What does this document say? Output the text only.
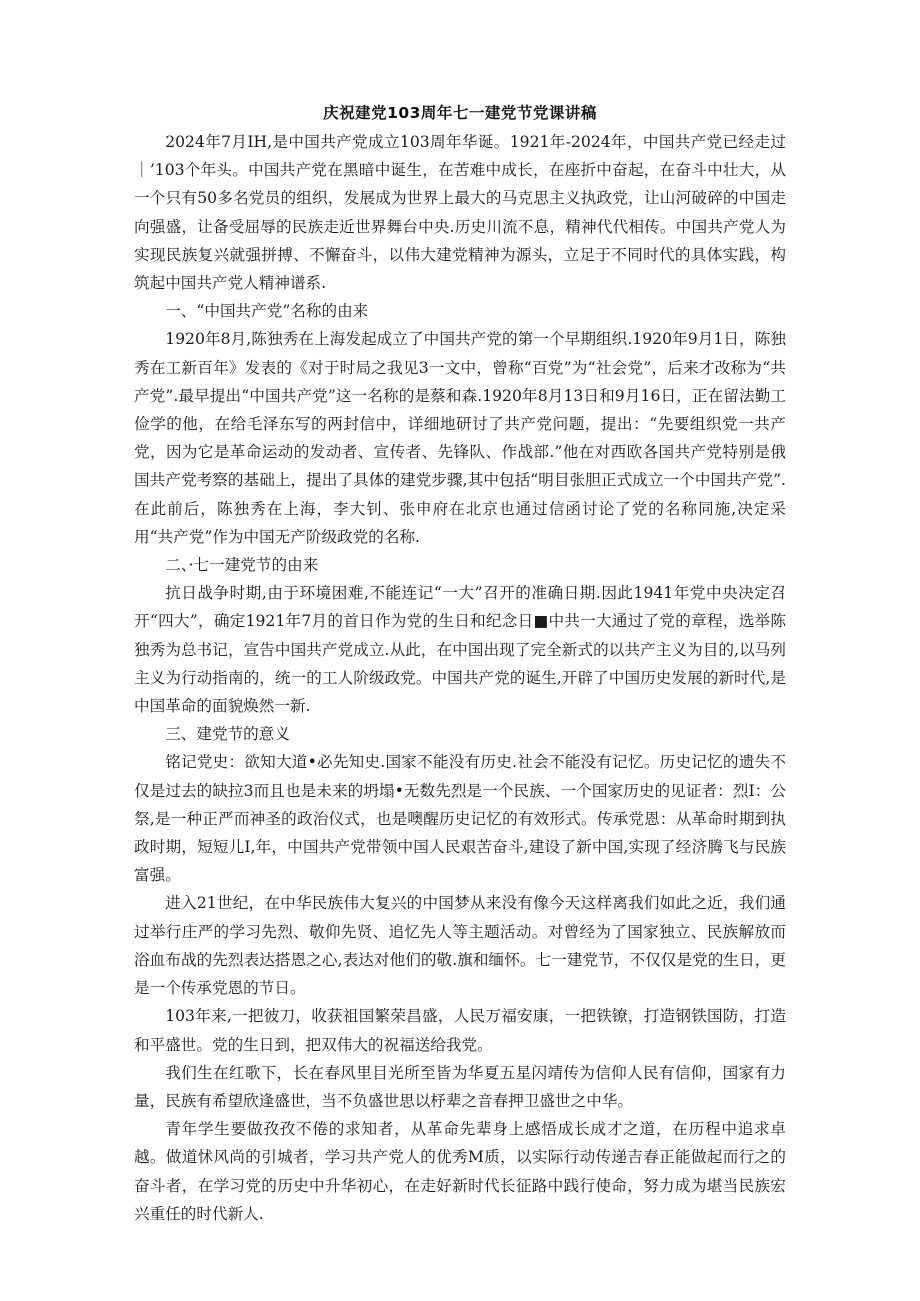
庆祝建党103周年七一建党节党课讲稿

2024年7月IH,是中国共产党成立103周年华诞。1921年-2024年，中国共产党已经走过｜’103个年头。中国共产党在黑暗中诞生，在苦难中成长，在座折中奋起，在奋斗中壮大，从一个只有50多名党员的组织，发展成为世界上最大的马克思主义执政党，让山河破碎的中国走向强盛，让备受屈辱的民族走近世界舞台中央.历史川流不息，精神代代相传。中国共产党人为实现民族复兴就强拼搏、不懈奋斗，以伟大建党精神为源头，立足于不同时代的具体实践，构筑起中国共产党人精神谱系.

一、“中国共产党”名称的由来

1920年8月,陈独秀在上海发起成立了中国共产党的第一个早期组织.1920年9月1日，陈独秀在工新百年》发表的《对于时局之我见3一文中，曾称“百党”为“社会党”，后来才改称为“共产党”.最早提出“中国共产党”这一名称的是蔡和森.1920年8月13日和9月16日，正在留法勤工俭学的他，在给毛泽东写的两封信中，详细地研讨了共产党问题，提出：“先要组织党一共产党，因为它是革命运动的发动者、宣传者、先锋队、作战部.”他在对西欧各国共产党特别是俄国共产党考察的基础上，提出了具体的建党步骤,其中包括“明目张胆正式成立一个中国共产党”.在此前后，陈独秀在上海，李大钊、张申府在北京也通过信函讨论了党的名称同施,决定采用“共产党”作为中国无产阶级政党的名称.

二、·七一建党节的由来

抗日战争时期,由于环境困难,不能连记“一大”召开的准确日期.因此1941年党中央决定召开“四大”，确定1921年7月的首日作为党的生日和纪念日■中共一大通过了党的章程，选举陈独秀为总书记，宣告中国共产党成立.从此，在中国出现了完全新式的以共产主义为目的,以马列主义为行动指南的，统一的工人阶级政党。中国共产党的诞生,开辟了中国历史发展的新时代,是中国革命的面貌焕然一新.

三、建党节的意义

铭记党史：欲知大道•必先知史.国家不能没有历史.社会不能没有记忆。历史记忆的遗失不仅是过去的缺拉3而且也是未来的坍塌•无数先烈是一个民族、一个国家历史的见证者：烈I：公祭,是一种正严而神圣的政治仪式，也是噢醒历史记忆的有效形式。传承党恩：从革命时期到执政时期，短短儿I,年，中国共产党带领中国人民艰苦奋斗,建设了新中国,实现了经济腾飞与民族富强。

进入21世纪，在中华民族伟大复兴的中国梦从来没有像今天这样离我们如此之近，我们通过举行庄严的学习先烈、敬仰先贤、追忆先人等主题活动。对曾经为了国家独立、民族解放而浴血布战的先烈表达搭恩之心,表达对他们的敬.旗和缅怀。七一建党节，不仅仅是党的生日，更是一个传承党恩的节日。

103年来,一把彼刀，收获祖国繁荣昌盛，人民万福安康，一把铁镣，打造钢铁国防，打造和平盛世。党的生日到，把双伟大的祝福送给我党。

我们生在红歌下，长在春风里目光所至皆为华夏五星闪靖传为信仰人民有信仰，国家有力量，民族有希望欣逢盛世，当不负盛世思以杼辈之音春押卫盛世之中华。

青年学生要做孜孜不倦的求知者，从革命先辈身上感悟成长成才之道，在历程中追求卓越。做道怵风尚的引城者，学习共产党人的优秀M质，以实际行动传递吉春正能做起而行之的奋斗者，在学习党的历史中升华初心，在走好新时代长征路中践行使命，努力成为堪当民族宏兴重任的时代新人.
